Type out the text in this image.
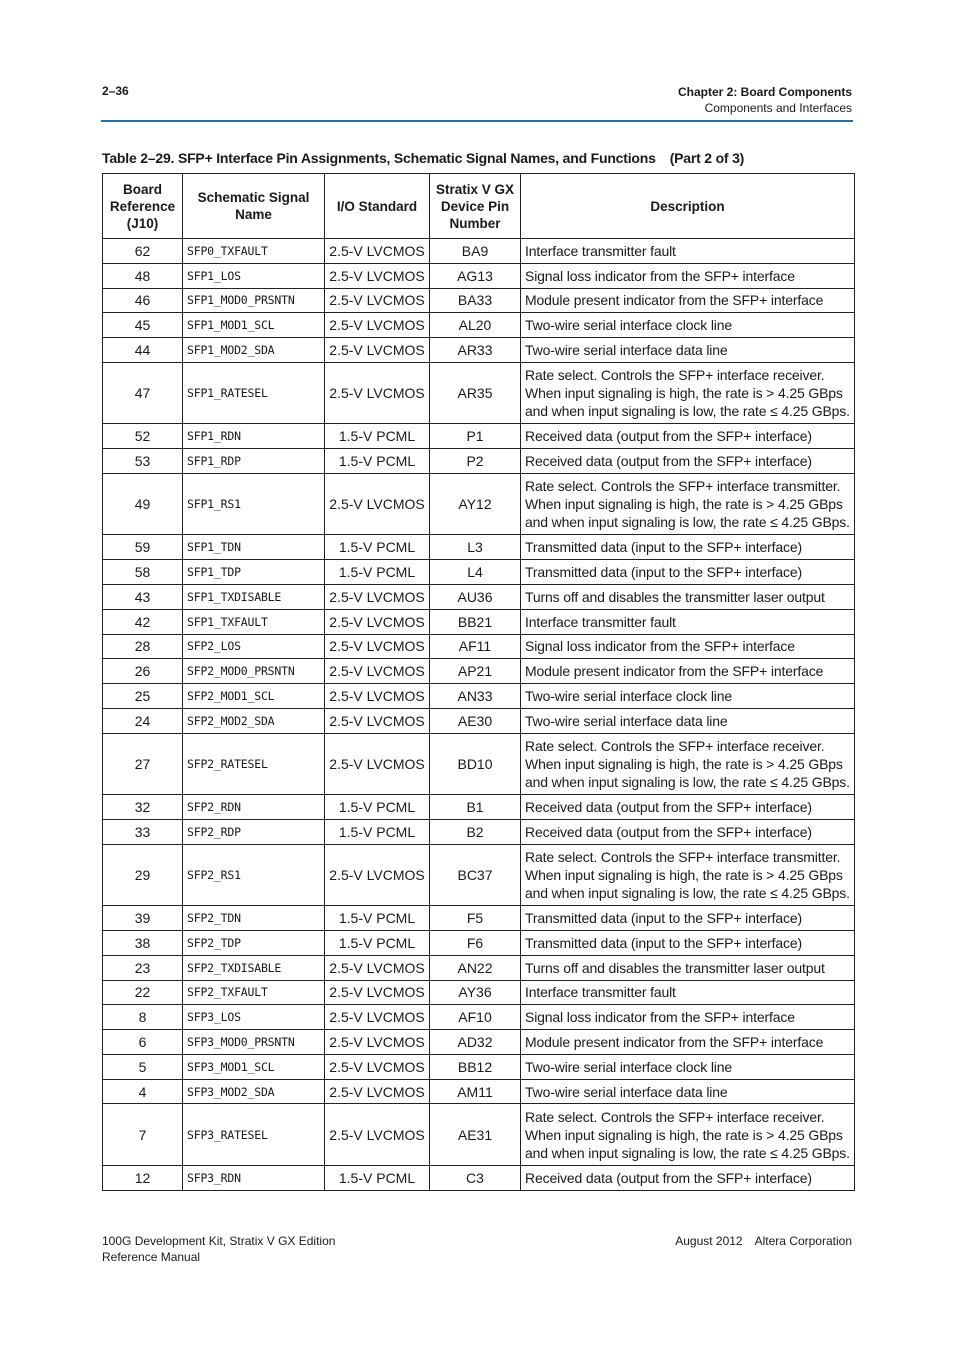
2–36	Chapter 2: Board Components
Components and Interfaces
Table 2–29. SFP+ Interface Pin Assignments, Schematic Signal Names, and Functions (Part 2 of 3)
Board Reference (J10)	Schematic Signal Name	I/O Standard	Stratix V GX Device Pin Number	Description
62	SFP0_TXFAULT	2.5-V LVCMOS	BA9	Interface transmitter fault

48	SFP1_LOS	2.5-V LVCMOS	AG13	Signal loss indicator from the SFP+ interface

46	SFP1_MOD0_PRSNTN	2.5-V LVCMOS	BA33	Module present indicator from the SFP+ interface

45	SFP1_MOD1_SCL	2.5-V LVCMOS	AL20	Two-wire serial interface clock line

44	SFP1_MOD2_SDA	2.5-V LVCMOS	AR33	Two-wire serial interface data line

47	SFP1_RATESEL	2.5-V LVCMOS	AR35	Rate select. Controls the SFP+ interface receiver.
When input signaling is high, the rate is > 4.25 GBps
and when input signaling is low, the rate ≤ 4.25 GBps.

52	SFP1_RDN	1.5-V PCML	P1	Received data (output from the SFP+ interface)

53	SFP1_RDP	1.5-V PCML	P2	Received data (output from the SFP+ interface)

49	SFP1_RS1	2.5-V LVCMOS	AY12	Rate select. Controls the SFP+ interface transmitter.
When input signaling is high, the rate is > 4.25 GBps
and when input signaling is low, the rate ≤ 4.25 GBps.

59	SFP1_TDN	1.5-V PCML	L3	Transmitted data (input to the SFP+ interface)

58	SFP1_TDP	1.5-V PCML	L4	Transmitted data (input to the SFP+ interface)

43	SFP1_TXDISABLE	2.5-V LVCMOS	AU36	Turns off and disables the transmitter laser output

42	SFP1_TXFAULT	2.5-V LVCMOS	BB21	Interface transmitter fault

28	SFP2_LOS	2.5-V LVCMOS	AF11	Signal loss indicator from the SFP+ interface

26	SFP2_MOD0_PRSNTN	2.5-V LVCMOS	AP21	Module present indicator from the SFP+ interface

25	SFP2_MOD1_SCL	2.5-V LVCMOS	AN33	Two-wire serial interface clock line

24	SFP2_MOD2_SDA	2.5-V LVCMOS	AE30	Two-wire serial interface data line

27	SFP2_RATESEL	2.5-V LVCMOS	BD10	Rate select. Controls the SFP+ interface receiver.
When input signaling is high, the rate is > 4.25 GBps
and when input signaling is low, the rate ≤ 4.25 GBps.

32	SFP2_RDN	1.5-V PCML	B1	Received data (output from the SFP+ interface)

33	SFP2_RDP	1.5-V PCML	B2	Received data (output from the SFP+ interface)

29	SFP2_RS1	2.5-V LVCMOS	BC37	Rate select. Controls the SFP+ interface transmitter.
When input signaling is high, the rate is > 4.25 GBps
and when input signaling is low, the rate ≤ 4.25 GBps.

39	SFP2_TDN	1.5-V PCML	F5	Transmitted data (input to the SFP+ interface)

38	SFP2_TDP	1.5-V PCML	F6	Transmitted data (input to the SFP+ interface)

23	SFP2_TXDISABLE	2.5-V LVCMOS	AN22	Turns off and disables the transmitter laser output

22	SFP2_TXFAULT	2.5-V LVCMOS	AY36	Interface transmitter fault

8	SFP3_LOS	2.5-V LVCMOS	AF10	Signal loss indicator from the SFP+ interface

6	SFP3_MOD0_PRSNTN	2.5-V LVCMOS	AD32	Module present indicator from the SFP+ interface

5	SFP3_MOD1_SCL	2.5-V LVCMOS	BB12	Two-wire serial interface clock line

4	SFP3_MOD2_SDA	2.5-V LVCMOS	AM11	Two-wire serial interface data line

7	SFP3_RATESEL	2.5-V LVCMOS	AE31	Rate select. Controls the SFP+ interface receiver.
When input signaling is high, the rate is > 4.25 GBps
and when input signaling is low, the rate ≤ 4.25 GBps.

12	SFP3_RDN	1.5-V PCML	C3	Received data (output from the SFP+ interface)
100G Development Kit, Stratix V GX Edition
Reference Manual
August 2012 Altera Corporation
